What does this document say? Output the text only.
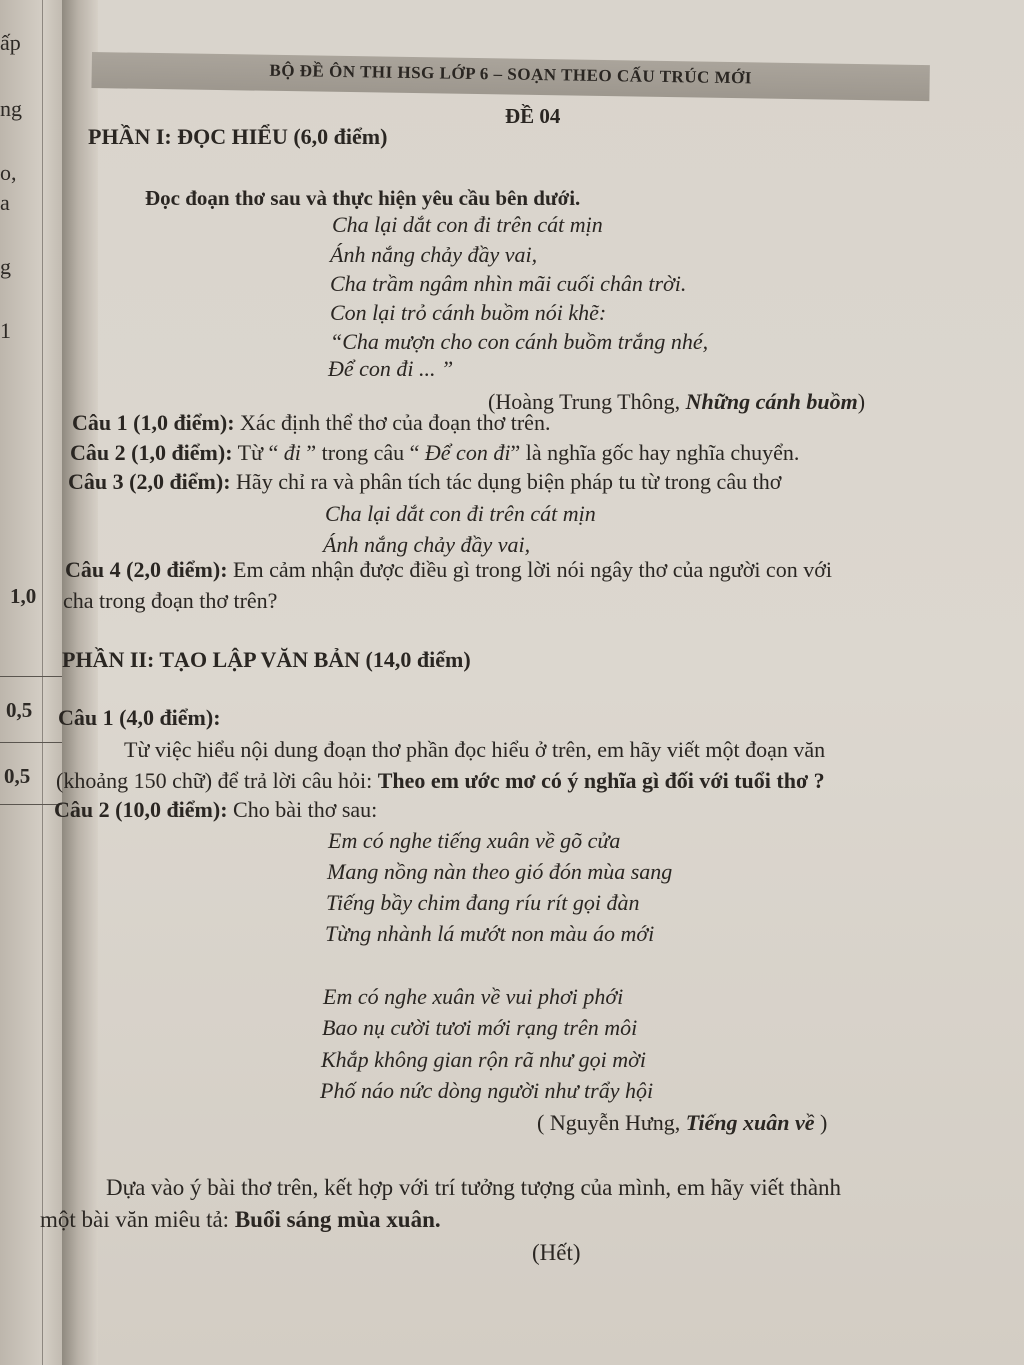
ấp
ng
o,
a
g
1
1,0
0,5
0,5
BỘ ĐỀ ÔN THI HSG LỚP 6 – SOẠN THEO CẤU TRÚC MỚI
ĐỀ 04
PHẦN I: ĐỌC HIỂU (6,0 điểm)
Đọc đoạn thơ sau và thực hiện yêu cầu bên dưới.
Cha lại dắt con đi trên cát mịn
Ánh nắng chảy đầy vai,
Cha trầm ngâm nhìn mãi cuối chân trời.
Con lại trỏ cánh buồm nói khẽ:
“Cha mượn cho con cánh buồm trắng nhé,
Để con đi ... ”
(Hoàng Trung Thông, Những cánh buồm)
Câu 1 (1,0 điểm): Xác định thể thơ của đoạn thơ trên.
Câu 2 (1,0 điểm): Từ “ đi ” trong câu “ Để con đi” là nghĩa gốc hay nghĩa chuyển.
Câu 3 (2,0 điểm): Hãy chỉ ra và phân tích tác dụng biện pháp tu từ trong câu thơ
Cha lại dắt con đi trên cát mịn
Ánh nắng chảy đầy vai,
Câu 4 (2,0 điểm): Em cảm nhận được điều gì trong lời nói ngây thơ của người con với
cha trong đoạn thơ trên?
PHẦN II: TẠO LẬP VĂN BẢN (14,0 điểm)
Câu 1 (4,0 điểm):
Từ việc hiểu nội dung đoạn thơ phần đọc hiểu ở trên, em hãy viết một đoạn văn
(khoảng 150 chữ) để trả lời câu hỏi: Theo em ước mơ có ý nghĩa gì đối với tuổi thơ ?
Câu 2 (10,0 điểm): Cho bài thơ sau:
Em có nghe tiếng xuân về gõ cửa
Mang nồng nàn theo gió đón mùa sang
Tiếng bầy chim đang ríu rít gọi đàn
Từng nhành lá mướt non màu áo mới
Em có nghe xuân về vui phơi phới
Bao nụ cười tươi mới rạng trên môi
Khắp không gian rộn rã như gọi mời
Phố náo nức dòng người như trẩy hội
( Nguyễn Hưng, Tiếng xuân về )
Dựa vào ý bài thơ trên, kết hợp với trí tưởng tượng của mình, em hãy viết thành
một bài văn miêu tả: Buổi sáng mùa xuân.
(Hết)
